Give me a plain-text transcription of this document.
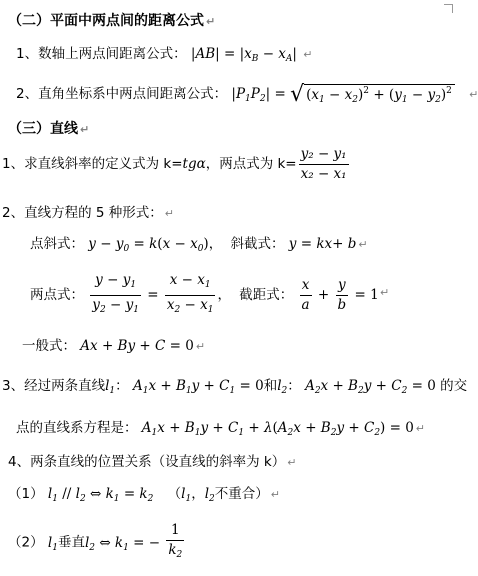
（二）平面中两点间的距离公式 ↵
1、数轴上两点间距离公式： $|AB| = |x_B - x_A|$ ↵
2、直角坐标系中两点间距离公式： $|P_1P_2|$ = √ $(x_1 - x_2)^2 + (y_1 - y_2)^2$ ↵
（三）直线 ↵
1、求直线斜率的定义式为 k=tgα，两点式为 $k= \frac{\text{y₂ − y₁}}{\text{x₂ − x₁}}$
2、直线方程的 5 种形式： ↵
点斜式： $y - y_0 = k(x - x_0)$， 斜截式： y = kx+ b ↵
两点式： $\frac{y - y_1}{y_2 - y_1} = \frac{x - x_1}{x_2 - x_1}$ ， 截距式： $\frac{x}{a} + \frac{y}{b} = 1$ ↵
一般式： Ax + By + C = 0 ↵
3、经过两条直线$l_1$： $A_1x + B_1y + C_1 = 0$和$l_2$： $A_2x + B_2y + C_2 = 0$ 的交
点的直线系方程是： $A_1x + B_1y + C_1 + \lambda(A_2x + B_2y + C_2) = 0$ ↵
4、两条直线的位置关系（设直线的斜率为 k） ↵
（1） $l_1 // l_2$ ⇔ $k_1 = k_2$ （$l_1$，$l_2$不重合） ↵
（2） $l_1$垂直$l_2$ ⇔ $k_1$ = − $\frac{1}{k_2}$
